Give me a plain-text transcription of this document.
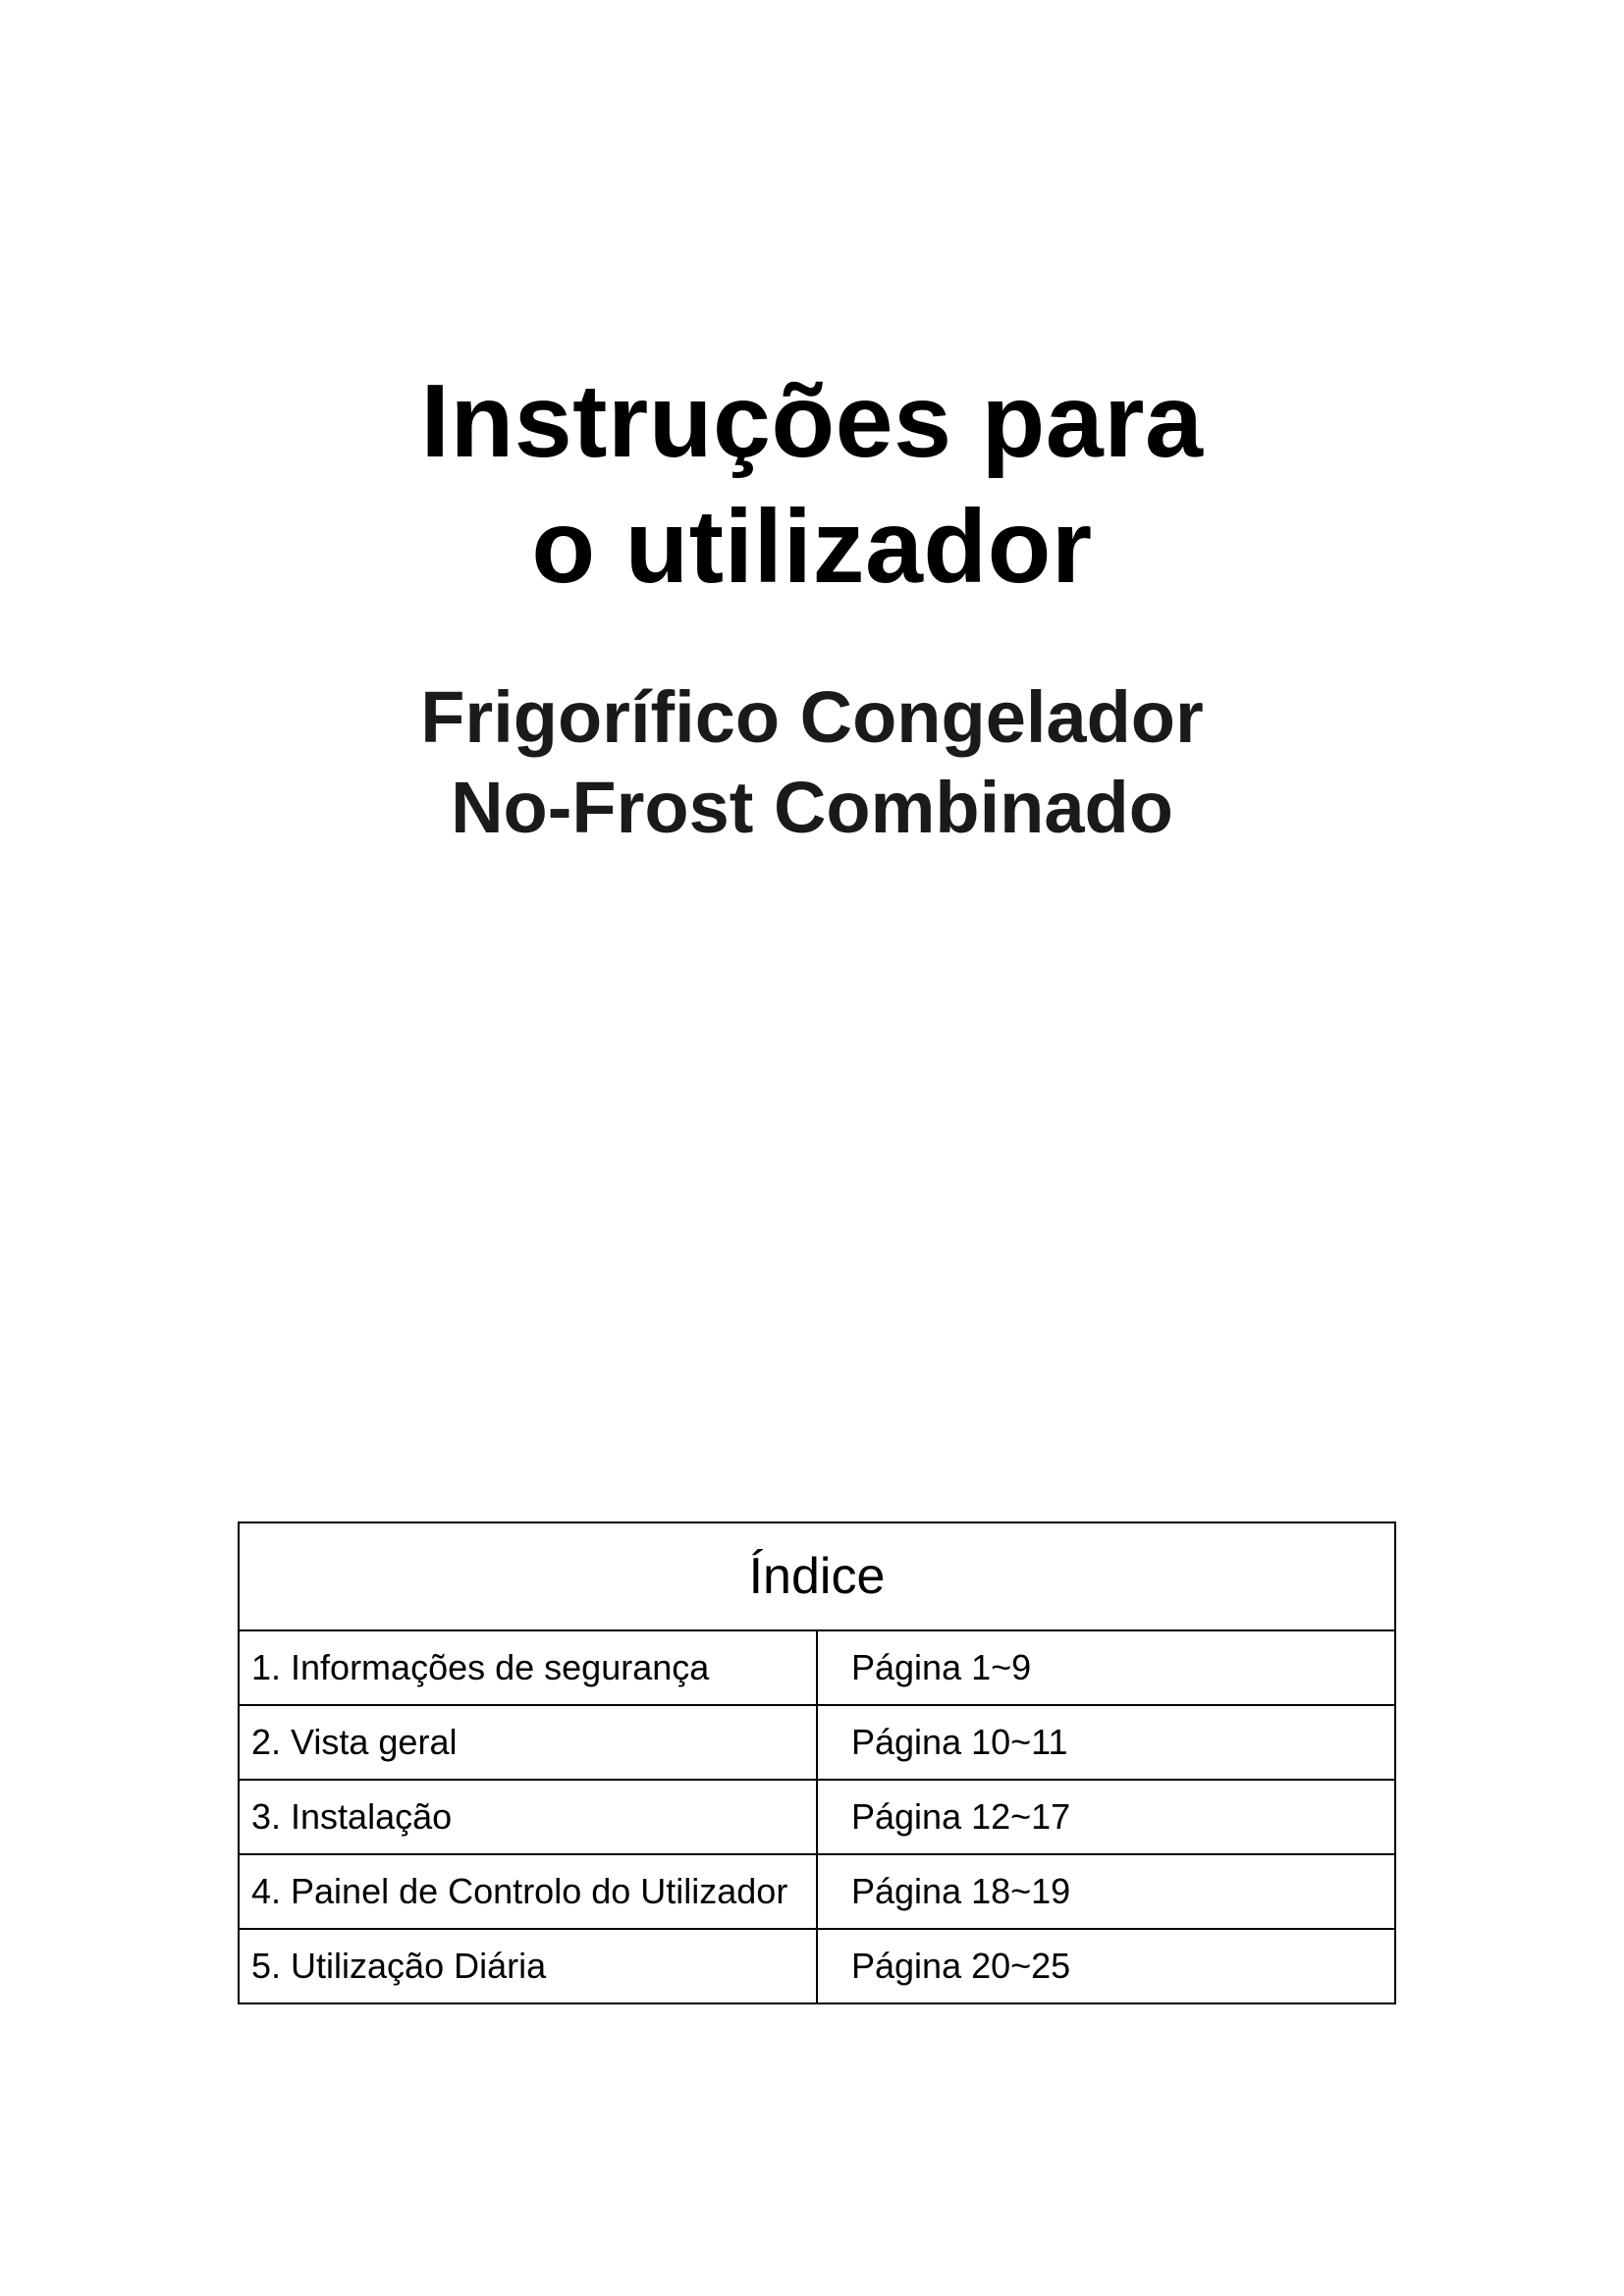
Instruções para
o utilizador
Frigorífico Congelador
No-Frost Combinado
Índice	
1. Informações de segurança	Página 1~9
2. Vista geral	Página 10~11
3. Instalação	Página 12~17
4. Painel de Controlo do Utilizador	Página 18~19
5. Utilização Diária	Página 20~25
